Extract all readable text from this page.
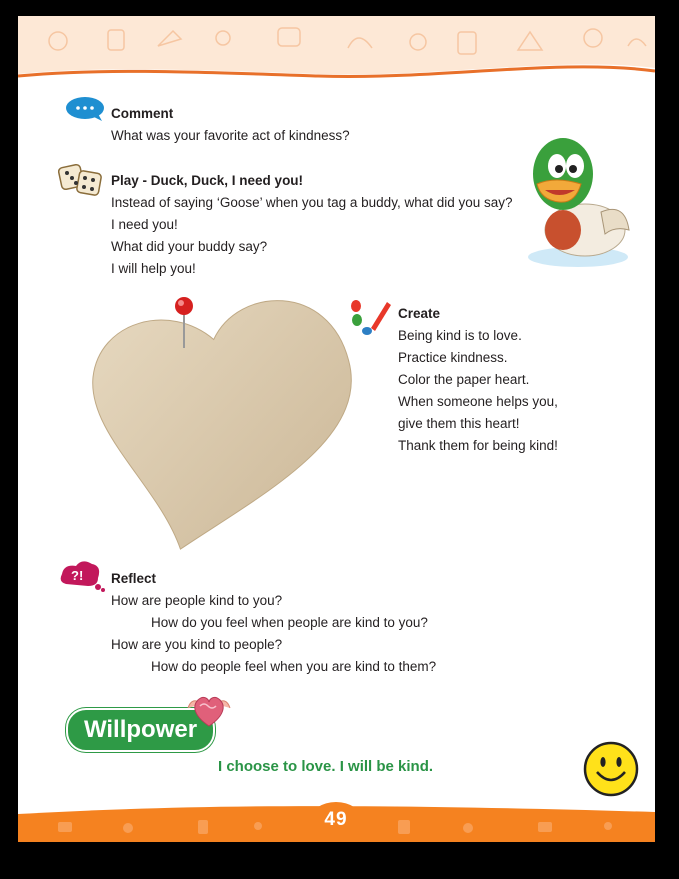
Comment
What was your favorite act of kindness?
Play - Duck, Duck, I need you!
Instead of saying ‘Goose’ when you tag a buddy, what did you say?
I need you!
What did your buddy say?
I will help you!
Create
Being kind is to love.
Practice kindness.
Color the paper heart.
When someone helps you,
give them this heart!
Thank them for being kind!
?! Reflect
How are people kind to you?
How do you feel when people are kind to you?
How are you kind to people?
How do people feel when you are kind to them?
Willpower
I choose to love. I will be kind.
49
